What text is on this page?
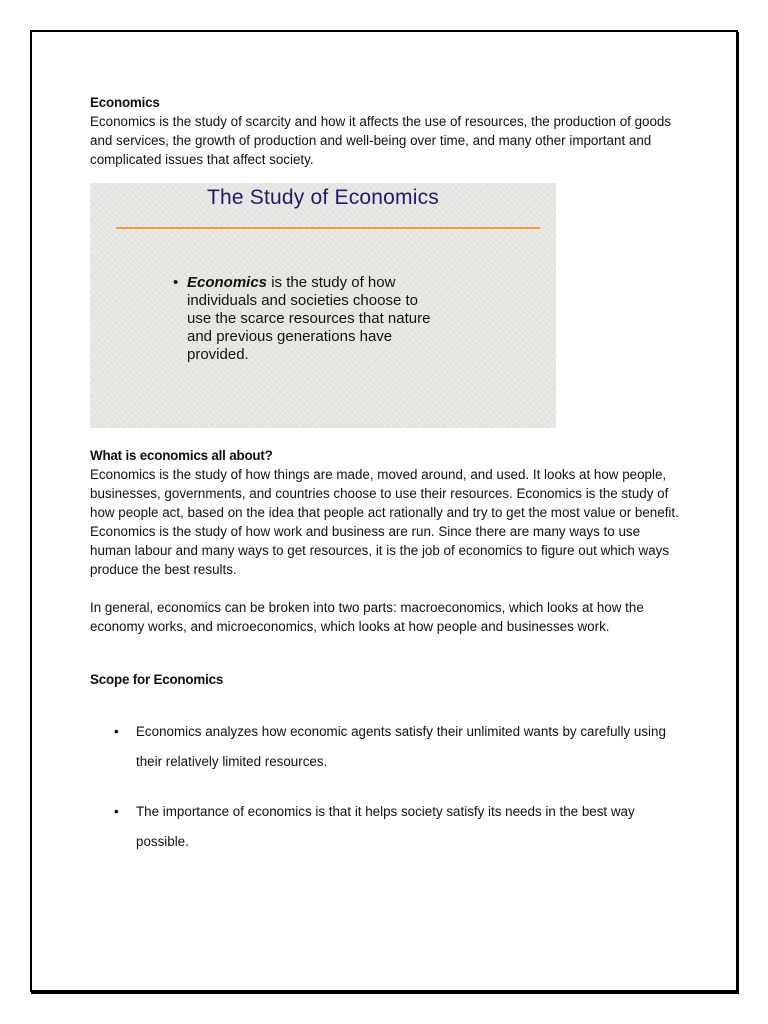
Economics

Economics is the study of scarcity and how it affects the use of resources, the production of goods and services, the growth of production and well-being over time, and many other important and complicated issues that affect society.

The Study of Economics
• Economics is the study of how individuals and societies choose to use the scarce resources that nature and previous generations have provided.

What is economics all about?

Economics is the study of how things are made, moved around, and used. It looks at how people, businesses, governments, and countries choose to use their resources. Economics is the study of how people act, based on the idea that people act rationally and try to get the most value or benefit. Economics is the study of how work and business are run. Since there are many ways to use human labour and many ways to get resources, it is the job of economics to figure out which ways produce the best results.

In general, economics can be broken into two parts: macroeconomics, which looks at how the economy works, and microeconomics, which looks at how people and businesses work.

Scope for Economics

• Economics analyzes how economic agents satisfy their unlimited wants by carefully using their relatively limited resources.
• The importance of economics is that it helps society satisfy its needs in the best way possible.
